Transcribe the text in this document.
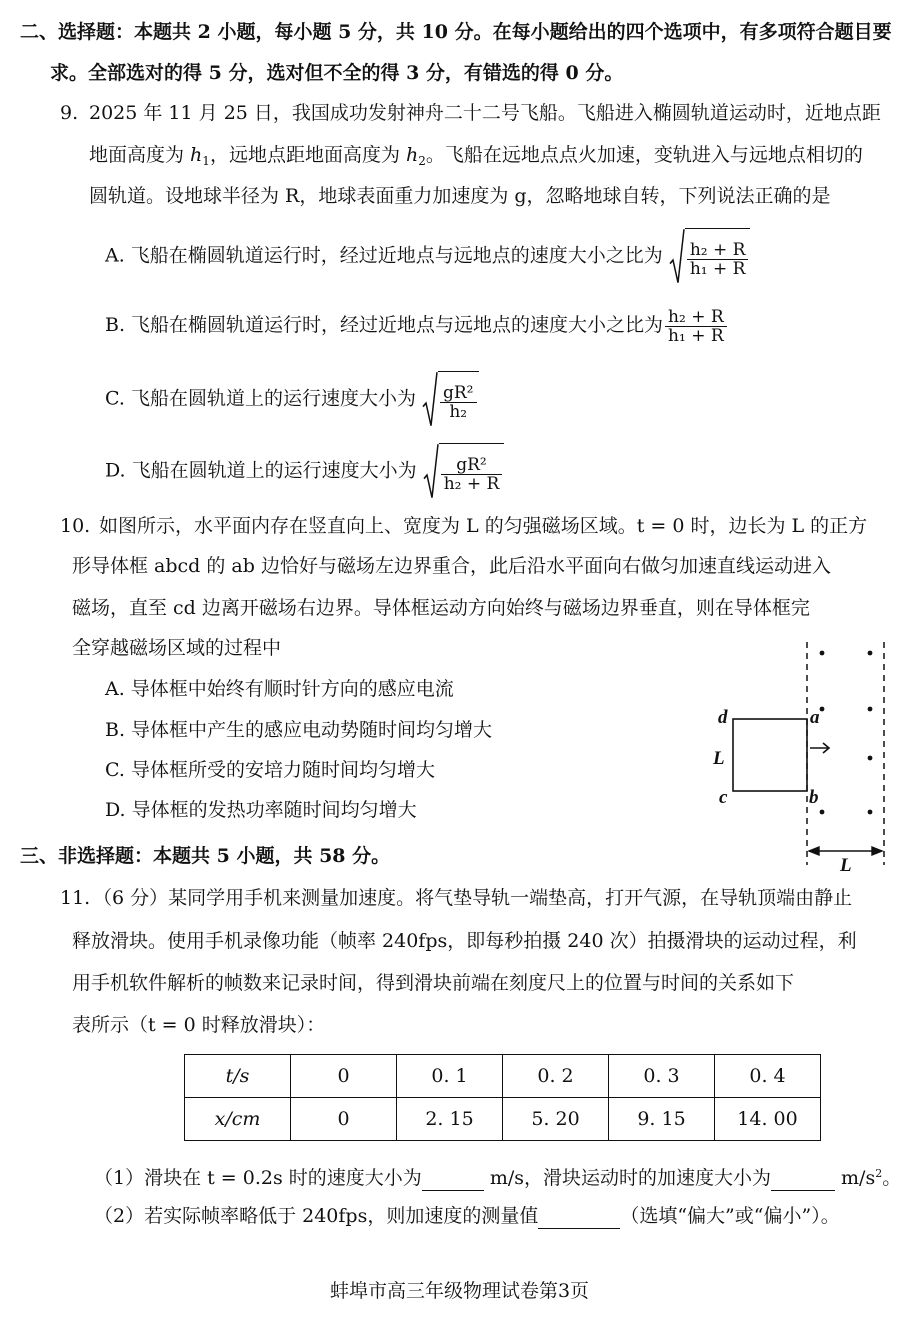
二、选择题：本题共 2 小题，每小题 5 分，共 10 分。在每小题给出的四个选项中，有多项符合题目要
求。全部选对的得 5 分，选对但不全的得 3 分，有错选的得 0 分。
9. 2025 年 11 月 25 日，我国成功发射神舟二十二号飞船。飞船进入椭圆轨道运动时，近地点距
地面高度为 $h_1$，远地点距地面高度为 $h_2$。飞船在远地点点火加速，变轨进入与远地点相切的
圆轨道。设地球半径为 R，地球表面重力加速度为 g，忽略地球自转，下列说法正确的是
A. 飞船在椭圆轨道运行时，经过近地点与远地点的速度大小之比为 $\frac{\text{h₂ + R}}{\text{h₁ + R}}$
B. 飞船在椭圆轨道运行时，经过近地点与远地点的速度大小之比为 $\frac{\text{h₂ + R}}{\text{h₁ + R}}$
C. 飞船在圆轨道上的运行速度大小为 $\frac{\text{gR²}}{\text{h₂}}$
D. 飞船在圆轨道上的运行速度大小为 $\frac{\text{gR²}}{\text{h₂ + R}}$
10. 如图所示，水平面内存在竖直向上、宽度为 L 的匀强磁场区域。t = 0 时，边长为 L 的正方
形导体框 abcd 的 ab 边恰好与磁场左边界重合，此后沿水平面向右做匀加速直线运动进入
磁场，直至 cd 边离开磁场右边界。导体框运动方向始终与磁场边界垂直，则在导体框完
全穿越磁场区域的过程中
A. 导体框中始终有顺时针方向的感应电流
B. 导体框中产生的感应电动势随时间均匀增大
C. 导体框所受的安培力随时间均匀增大
D. 导体框的发热功率随时间均匀增大
d	a
L
c	b
L
三、非选择题：本题共 5 小题，共 58 分。
11. （6 分）某同学用手机来测量加速度。将气垫导轨一端垫高，打开气源，在导轨顶端由静止
释放滑块。使用手机录像功能（帧率 240fps，即每秒拍摄 240 次）拍摄滑块的运动过程，利
用手机软件解析的帧数来记录时间，得到滑块前端在刻度尺上的位置与时间的关系如下
表所示（t = 0 时释放滑块）：
t/s	0	0. 1	0. 2	0. 3	0. 4
x/cm	0	2. 15	5. 20	9. 15	14. 00
（1）滑块在 t = 0.2s 时的速度大小为	m/s，滑块运动时的加速度大小为	$m/s^2$。
（2）若实际帧率略低于 240fps，则加速度的测量值	（选填“偏大”或“偏小”）。
蚌埠市高三年级物理试卷第3页
